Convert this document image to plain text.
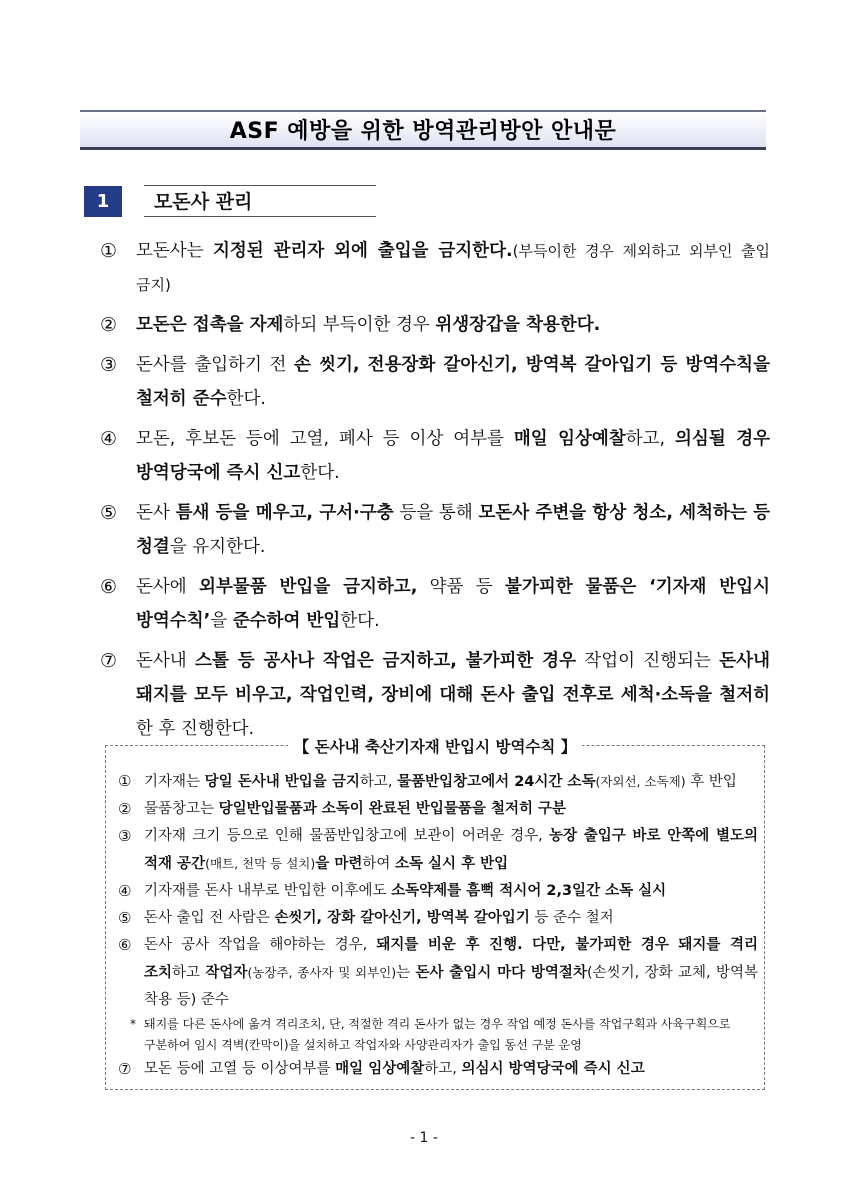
ASF 예방을 위한 방역관리방안 안내문
1	모돈사 관리
① 모돈사는 지정된 관리자 외에 출입을 금지한다.(부득이한 경우 제외하고 외부인 출입 금지)
② 모돈은 접촉을 자제하되 부득이한 경우 위생장갑을 착용한다.
③ 돈사를 출입하기 전 손 씻기, 전용장화 갈아신기, 방역복 갈아입기 등 방역수칙을 철저히 준수한다.
④ 모돈, 후보돈 등에 고열, 폐사 등 이상 여부를 매일 임상예찰하고, 의심될 경우 방역당국에 즉시 신고한다.
⑤ 돈사 틈새 등을 메우고, 구서·구충 등을 통해 모돈사 주변을 항상 청소, 세척하는 등 청결을 유지한다.
⑥ 돈사에 외부물품 반입을 금지하고, 약품 등 불가피한 물품은 ‘기자재 반입시 방역수칙’을 준수하여 반입한다.
⑦ 돈사내 스톨 등 공사나 작업은 금지하고, 불가피한 경우 작업이 진행되는 돈사내 돼지를 모두 비우고, 작업인력, 장비에 대해 돈사 출입 전후로 세척·소독을 철저히 한 후 진행한다.
【 돈사내 축산기자재 반입시 방역수칙 】
① 기자재는 당일 돈사내 반입을 금지하고, 물품반입창고에서 24시간 소독(자외선, 소독제) 후 반입
② 물품창고는 당일반입물품과 소독이 완료된 반입물품을 철저히 구분
③ 기자재 크기 등으로 인해 물품반입창고에 보관이 어려운 경우, 농장 출입구 바로 안쪽에 별도의 적재 공간(매트, 천막 등 설치)을 마련하여 소독 실시 후 반입
④ 기자재를 돈사 내부로 반입한 이후에도 소독약제를 흠뻑 적시어 2,3일간 소독 실시
⑤ 돈사 출입 전 사람은 손씻기, 장화 갈아신기, 방역복 갈아입기 등 준수 철저
⑥ 돈사 공사 작업을 해야하는 경우, 돼지를 비운 후 진행. 다만, 불가피한 경우 돼지를 격리 조치하고 작업자(농장주, 종사자 및 외부인)는 돈사 출입시 마다 방역절차(손씻기, 장화 교체, 방역복 착용 등) 준수
* 돼지를 다른 돈사에 옮겨 격리조치, 단, 적절한 격리 돈사가 없는 경우 작업 예정 돈사를 작업구획과 사육구획으로 구분하여 임시 격벽(칸막이)을 설치하고 작업자와 사양관리자가 출입 동선 구분 운영
⑦ 모돈 등에 고열 등 이상여부를 매일 임상예찰하고, 의심시 방역당국에 즉시 신고
- 1 -
